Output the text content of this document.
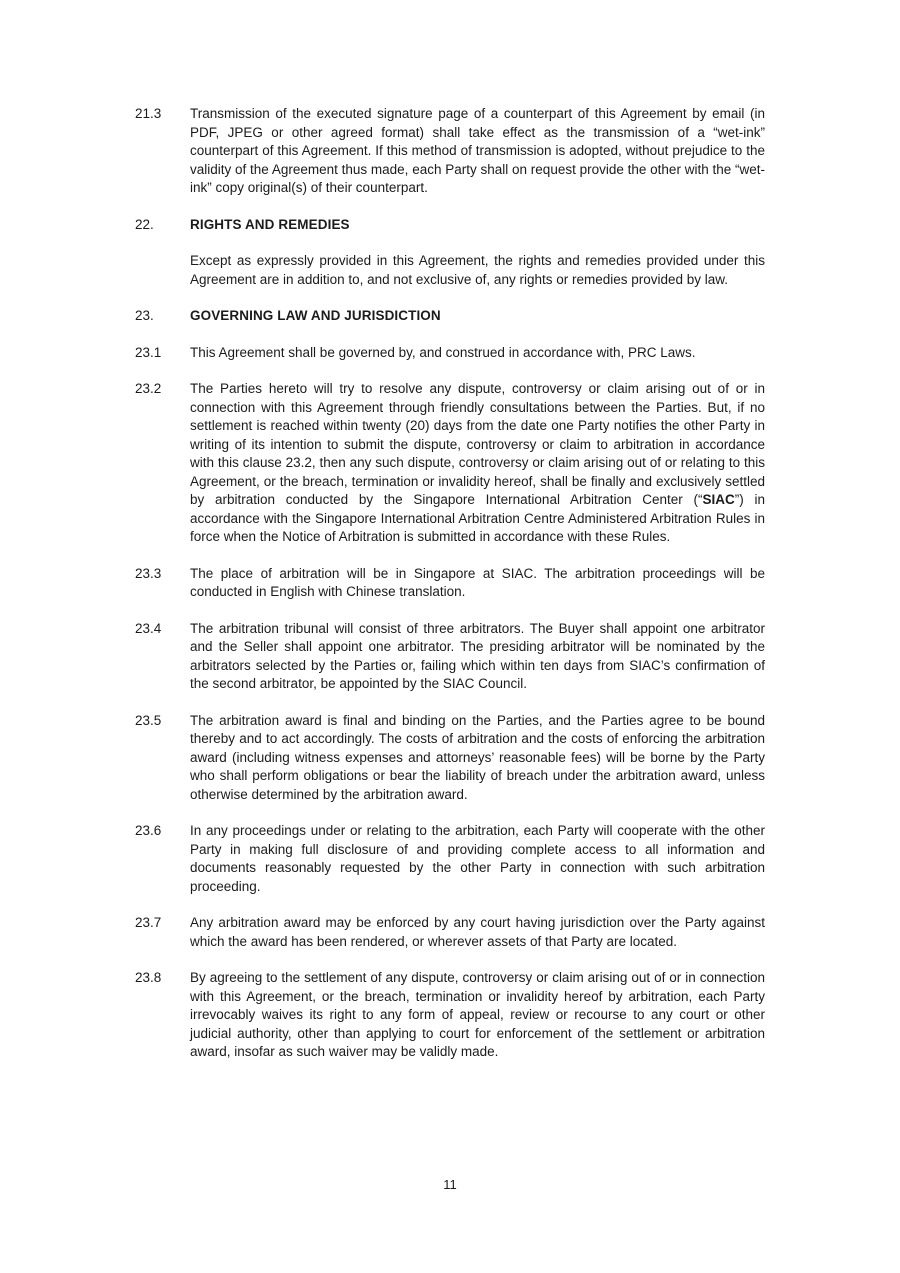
21.3	Transmission of the executed signature page of a counterpart of this Agreement by email (in PDF, JPEG or other agreed format) shall take effect as the transmission of a “wet-ink” counterpart of this Agreement. If this method of transmission is adopted, without prejudice to the validity of the Agreement thus made, each Party shall on request provide the other with the “wet-ink” copy original(s) of their counterpart.
22.	RIGHTS AND REMEDIES
Except as expressly provided in this Agreement, the rights and remedies provided under this Agreement are in addition to, and not exclusive of, any rights or remedies provided by law.
23.	GOVERNING LAW AND JURISDICTION
23.1	This Agreement shall be governed by, and construed in accordance with, PRC Laws.
23.2	The Parties hereto will try to resolve any dispute, controversy or claim arising out of or in connection with this Agreement through friendly consultations between the Parties. But, if no settlement is reached within twenty (20) days from the date one Party notifies the other Party in writing of its intention to submit the dispute, controversy or claim to arbitration in accordance with this clause 23.2, then any such dispute, controversy or claim arising out of or relating to this Agreement, or the breach, termination or invalidity hereof, shall be finally and exclusively settled by arbitration conducted by the Singapore International Arbitration Center (“SIAC”) in accordance with the Singapore International Arbitration Centre Administered Arbitration Rules in force when the Notice of Arbitration is submitted in accordance with these Rules.
23.3	The place of arbitration will be in Singapore at SIAC. The arbitration proceedings will be conducted in English with Chinese translation.
23.4	The arbitration tribunal will consist of three arbitrators. The Buyer shall appoint one arbitrator and the Seller shall appoint one arbitrator. The presiding arbitrator will be nominated by the arbitrators selected by the Parties or, failing which within ten days from SIAC’s confirmation of the second arbitrator, be appointed by the SIAC Council.
23.5	The arbitration award is final and binding on the Parties, and the Parties agree to be bound thereby and to act accordingly. The costs of arbitration and the costs of enforcing the arbitration award (including witness expenses and attorneys’ reasonable fees) will be borne by the Party who shall perform obligations or bear the liability of breach under the arbitration award, unless otherwise determined by the arbitration award.
23.6	In any proceedings under or relating to the arbitration, each Party will cooperate with the other Party in making full disclosure of and providing complete access to all information and documents reasonably requested by the other Party in connection with such arbitration proceeding.
23.7	Any arbitration award may be enforced by any court having jurisdiction over the Party against which the award has been rendered, or wherever assets of that Party are located.
23.8	By agreeing to the settlement of any dispute, controversy or claim arising out of or in connection with this Agreement, or the breach, termination or invalidity hereof by arbitration, each Party irrevocably waives its right to any form of appeal, review or recourse to any court or other judicial authority, other than applying to court for enforcement of the settlement or arbitration award, insofar as such waiver may be validly made.
11
